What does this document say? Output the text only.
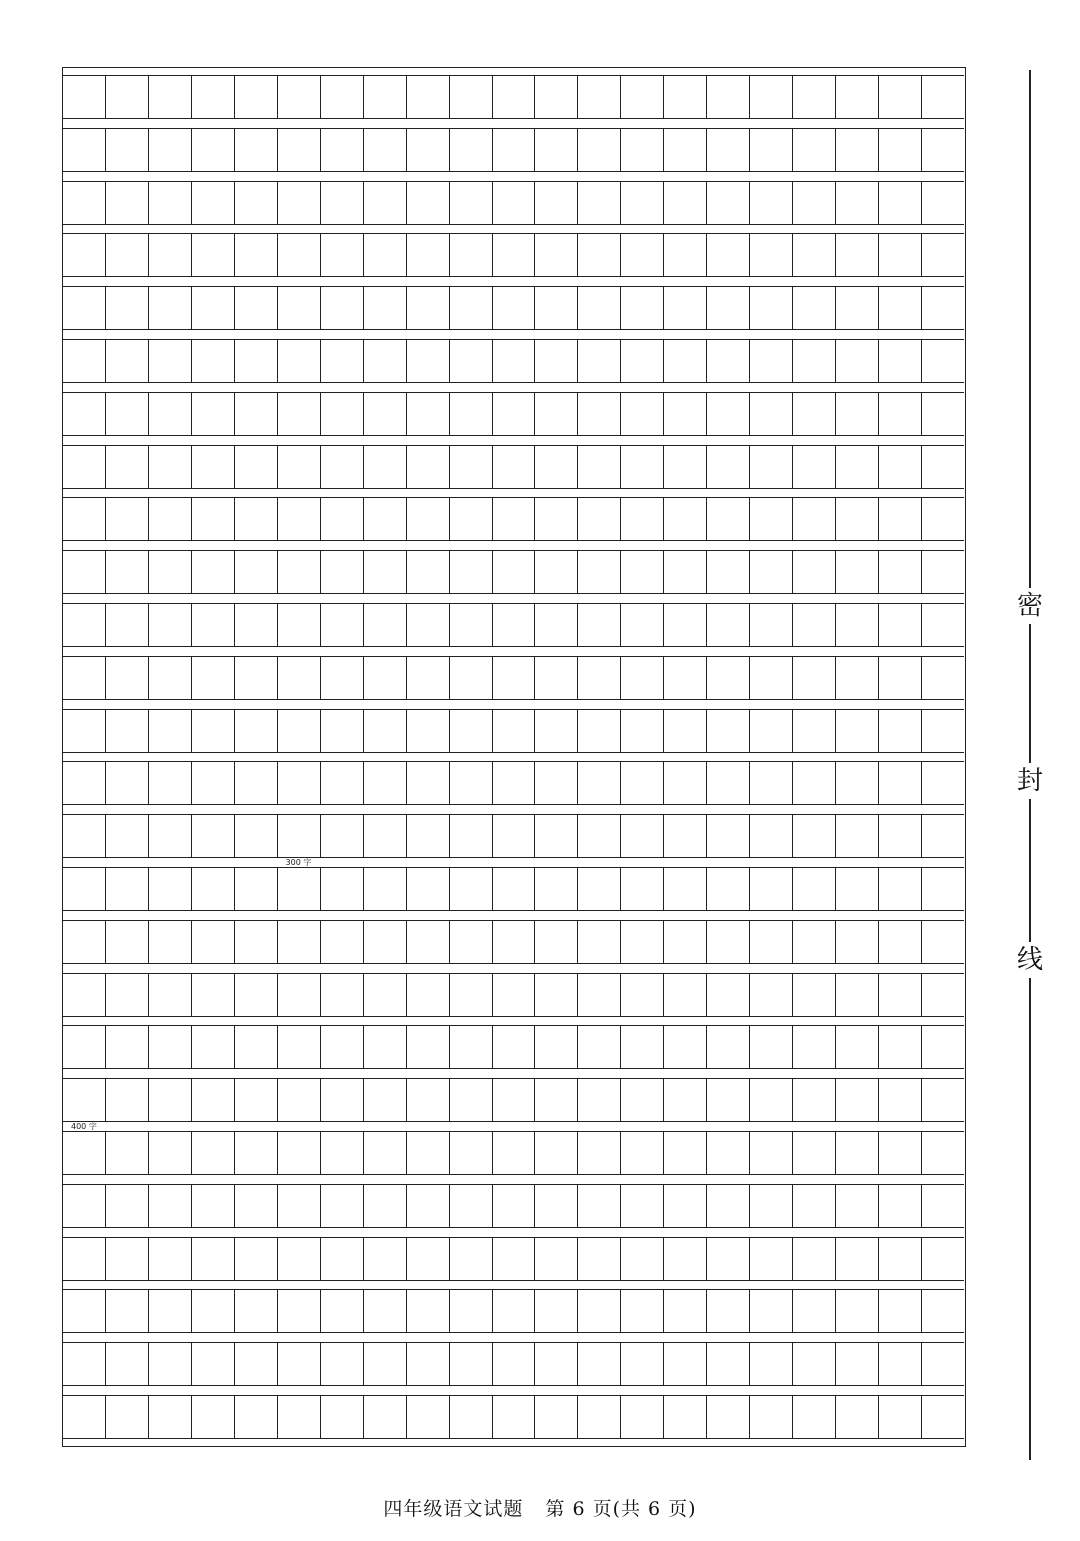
300 字
400 字
密
封
线
四年级语文试题 第 6 页(共 6 页)
